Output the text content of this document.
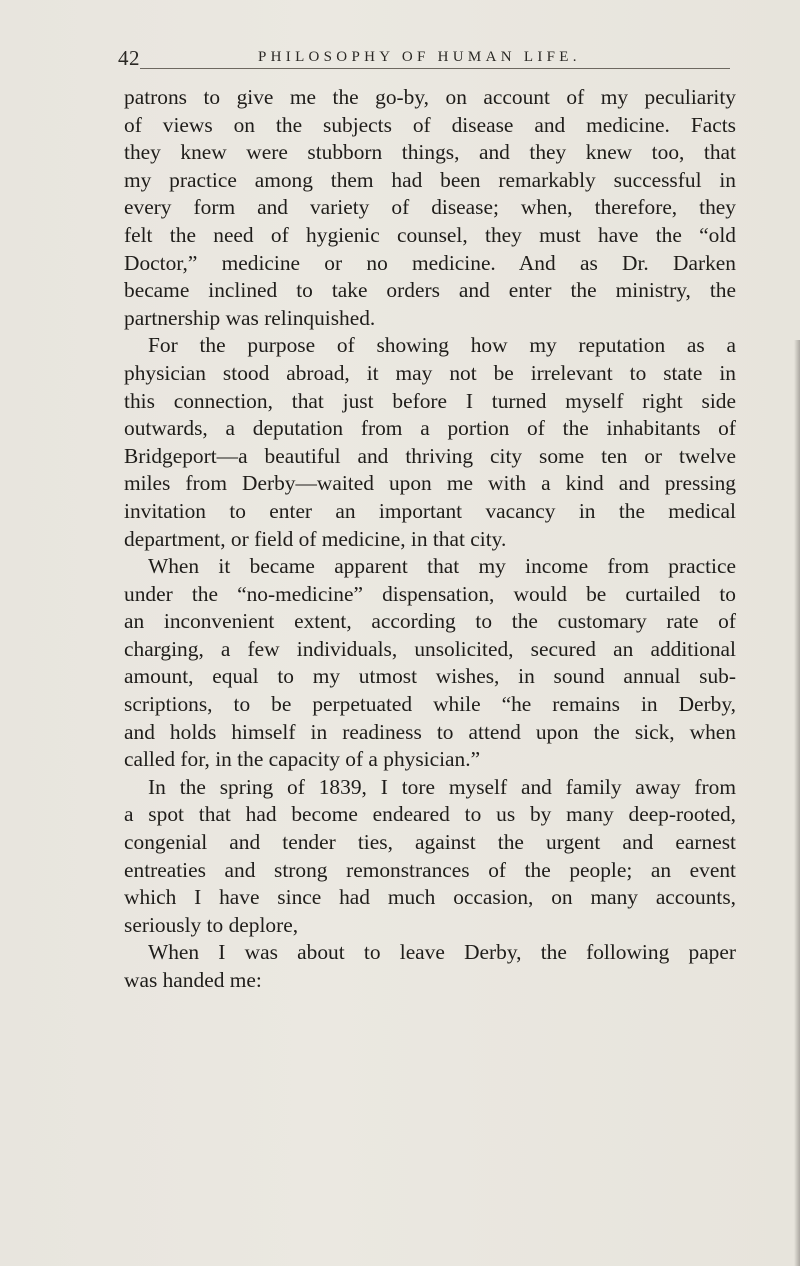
42	PHILOSOPHY OF HUMAN LIFE.
patrons to give me the go-by, on account of my peculiarity
of views on the subjects of disease and medicine. Facts
they knew were stubborn things, and they knew too, that
my practice among them had been remarkably successful in
every form and variety of disease; when, therefore, they
felt the need of hygienic counsel, they must have the “old
Doctor,” medicine or no medicine. And as Dr. Darken
became inclined to take orders and enter the ministry, the
partnership was relinquished.
For the purpose of showing how my reputation as a
physician stood abroad, it may not be irrelevant to state in
this connection, that just before I turned myself right side
outwards, a deputation from a portion of the inhabitants of
Bridgeport—a beautiful and thriving city some ten or twelve
miles from Derby—waited upon me with a kind and pressing
invitation to enter an important vacancy in the medical
department, or field of medicine, in that city.
When it became apparent that my income from practice
under the “no-medicine” dispensation, would be curtailed to
an inconvenient extent, according to the customary rate of
charging, a few individuals, unsolicited, secured an additional
amount, equal to my utmost wishes, in sound annual sub-
scriptions, to be perpetuated while “he remains in Derby,
and holds himself in readiness to attend upon the sick, when
called for, in the capacity of a physician.”
In the spring of 1839, I tore myself and family away from
a spot that had become endeared to us by many deep-rooted,
congenial and tender ties, against the urgent and earnest
entreaties and strong remonstrances of the people; an event
which I have since had much occasion, on many accounts,
seriously to deplore,
When I was about to leave Derby, the following paper
was handed me:
